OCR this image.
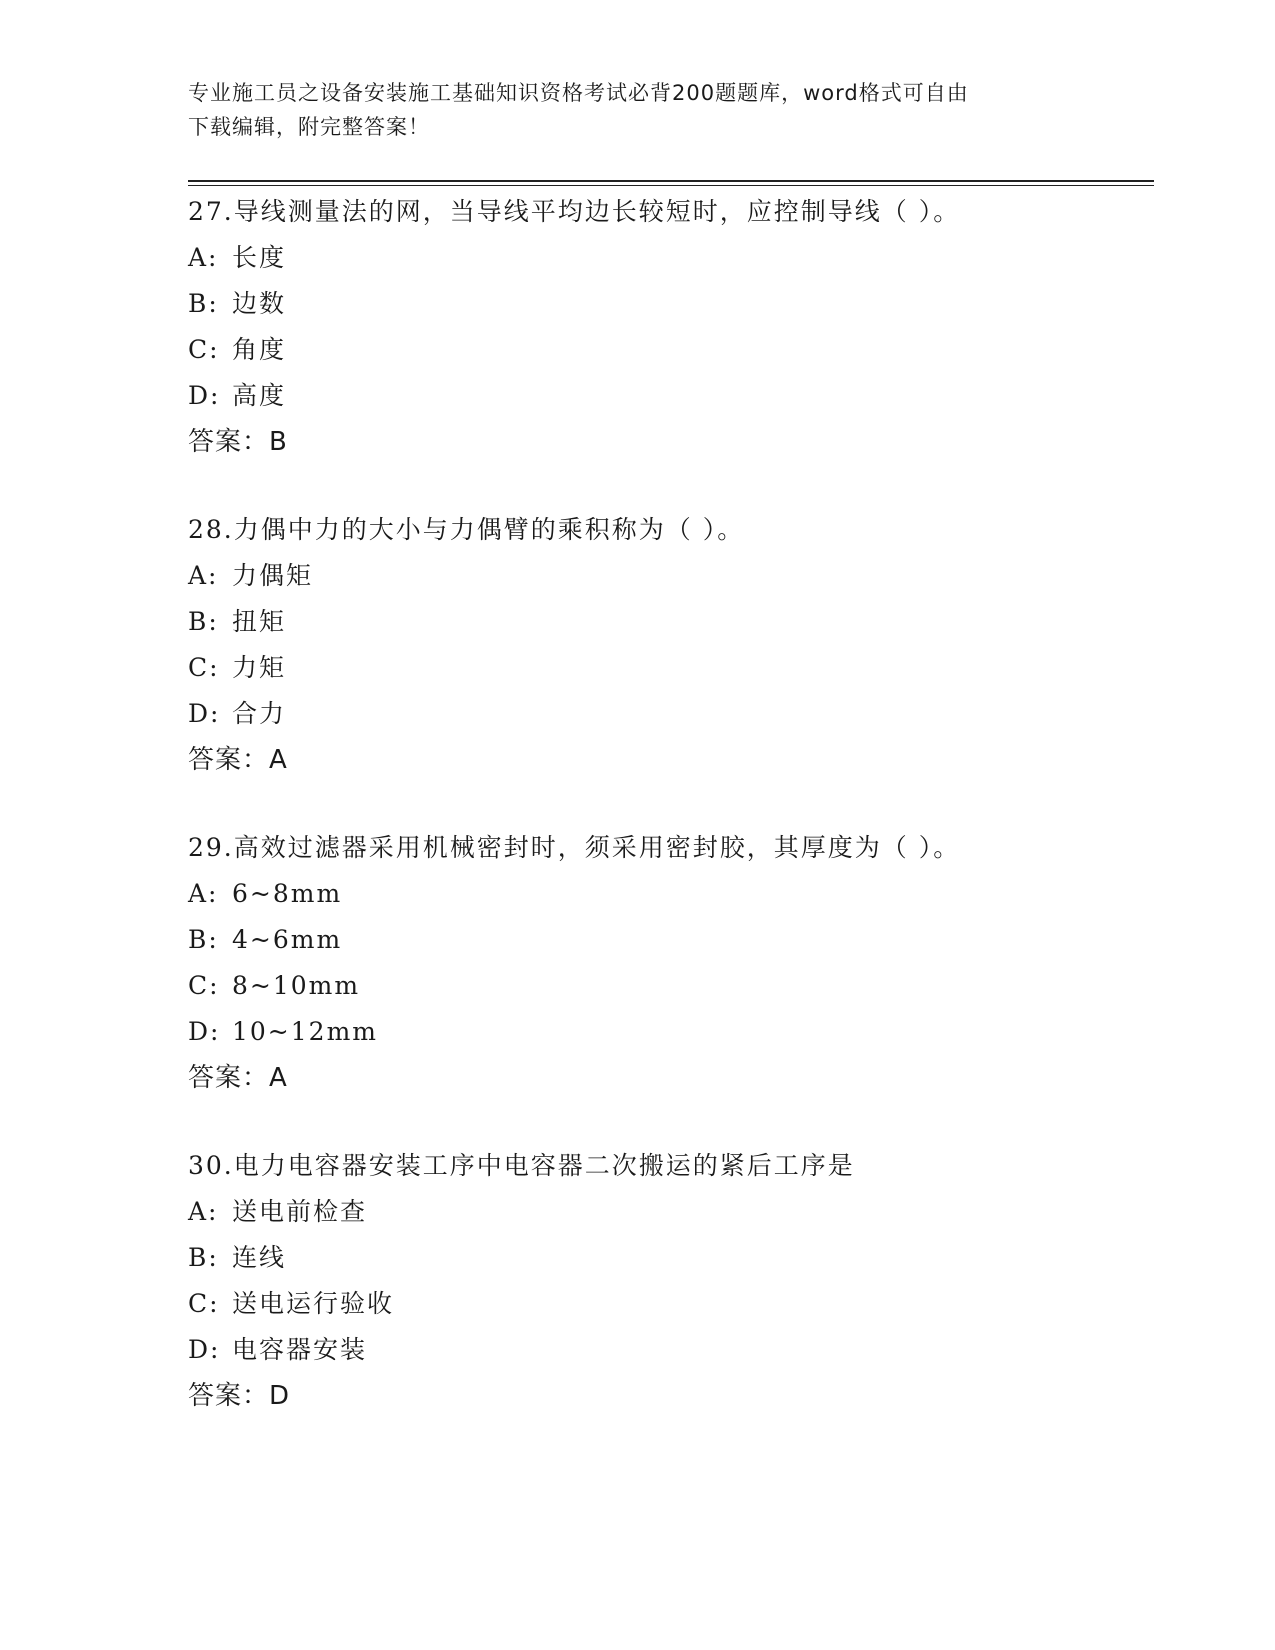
专业施工员之设备安装施工基础知识资格考试必背200题题库，word格式可自由
下载编辑，附完整答案！
27.导线测量法的网，当导线平均边长较短时，应控制导线（ ）。
A: 长度
B: 边数
C: 角度
D: 高度
答案：B
28.力偶中力的大小与力偶臂的乘积称为（ ）。
A: 力偶矩
B: 扭矩
C: 力矩
D: 合力
答案：A
29.高效过滤器采用机械密封时，须采用密封胶，其厚度为（ ）。
A: 6~8mm
B: 4~6mm
C: 8~10mm
D: 10~12mm
答案：A
30.电力电容器安装工序中电容器二次搬运的紧后工序是
A: 送电前检查
B: 连线
C: 送电运行验收
D: 电容器安装
答案：D
